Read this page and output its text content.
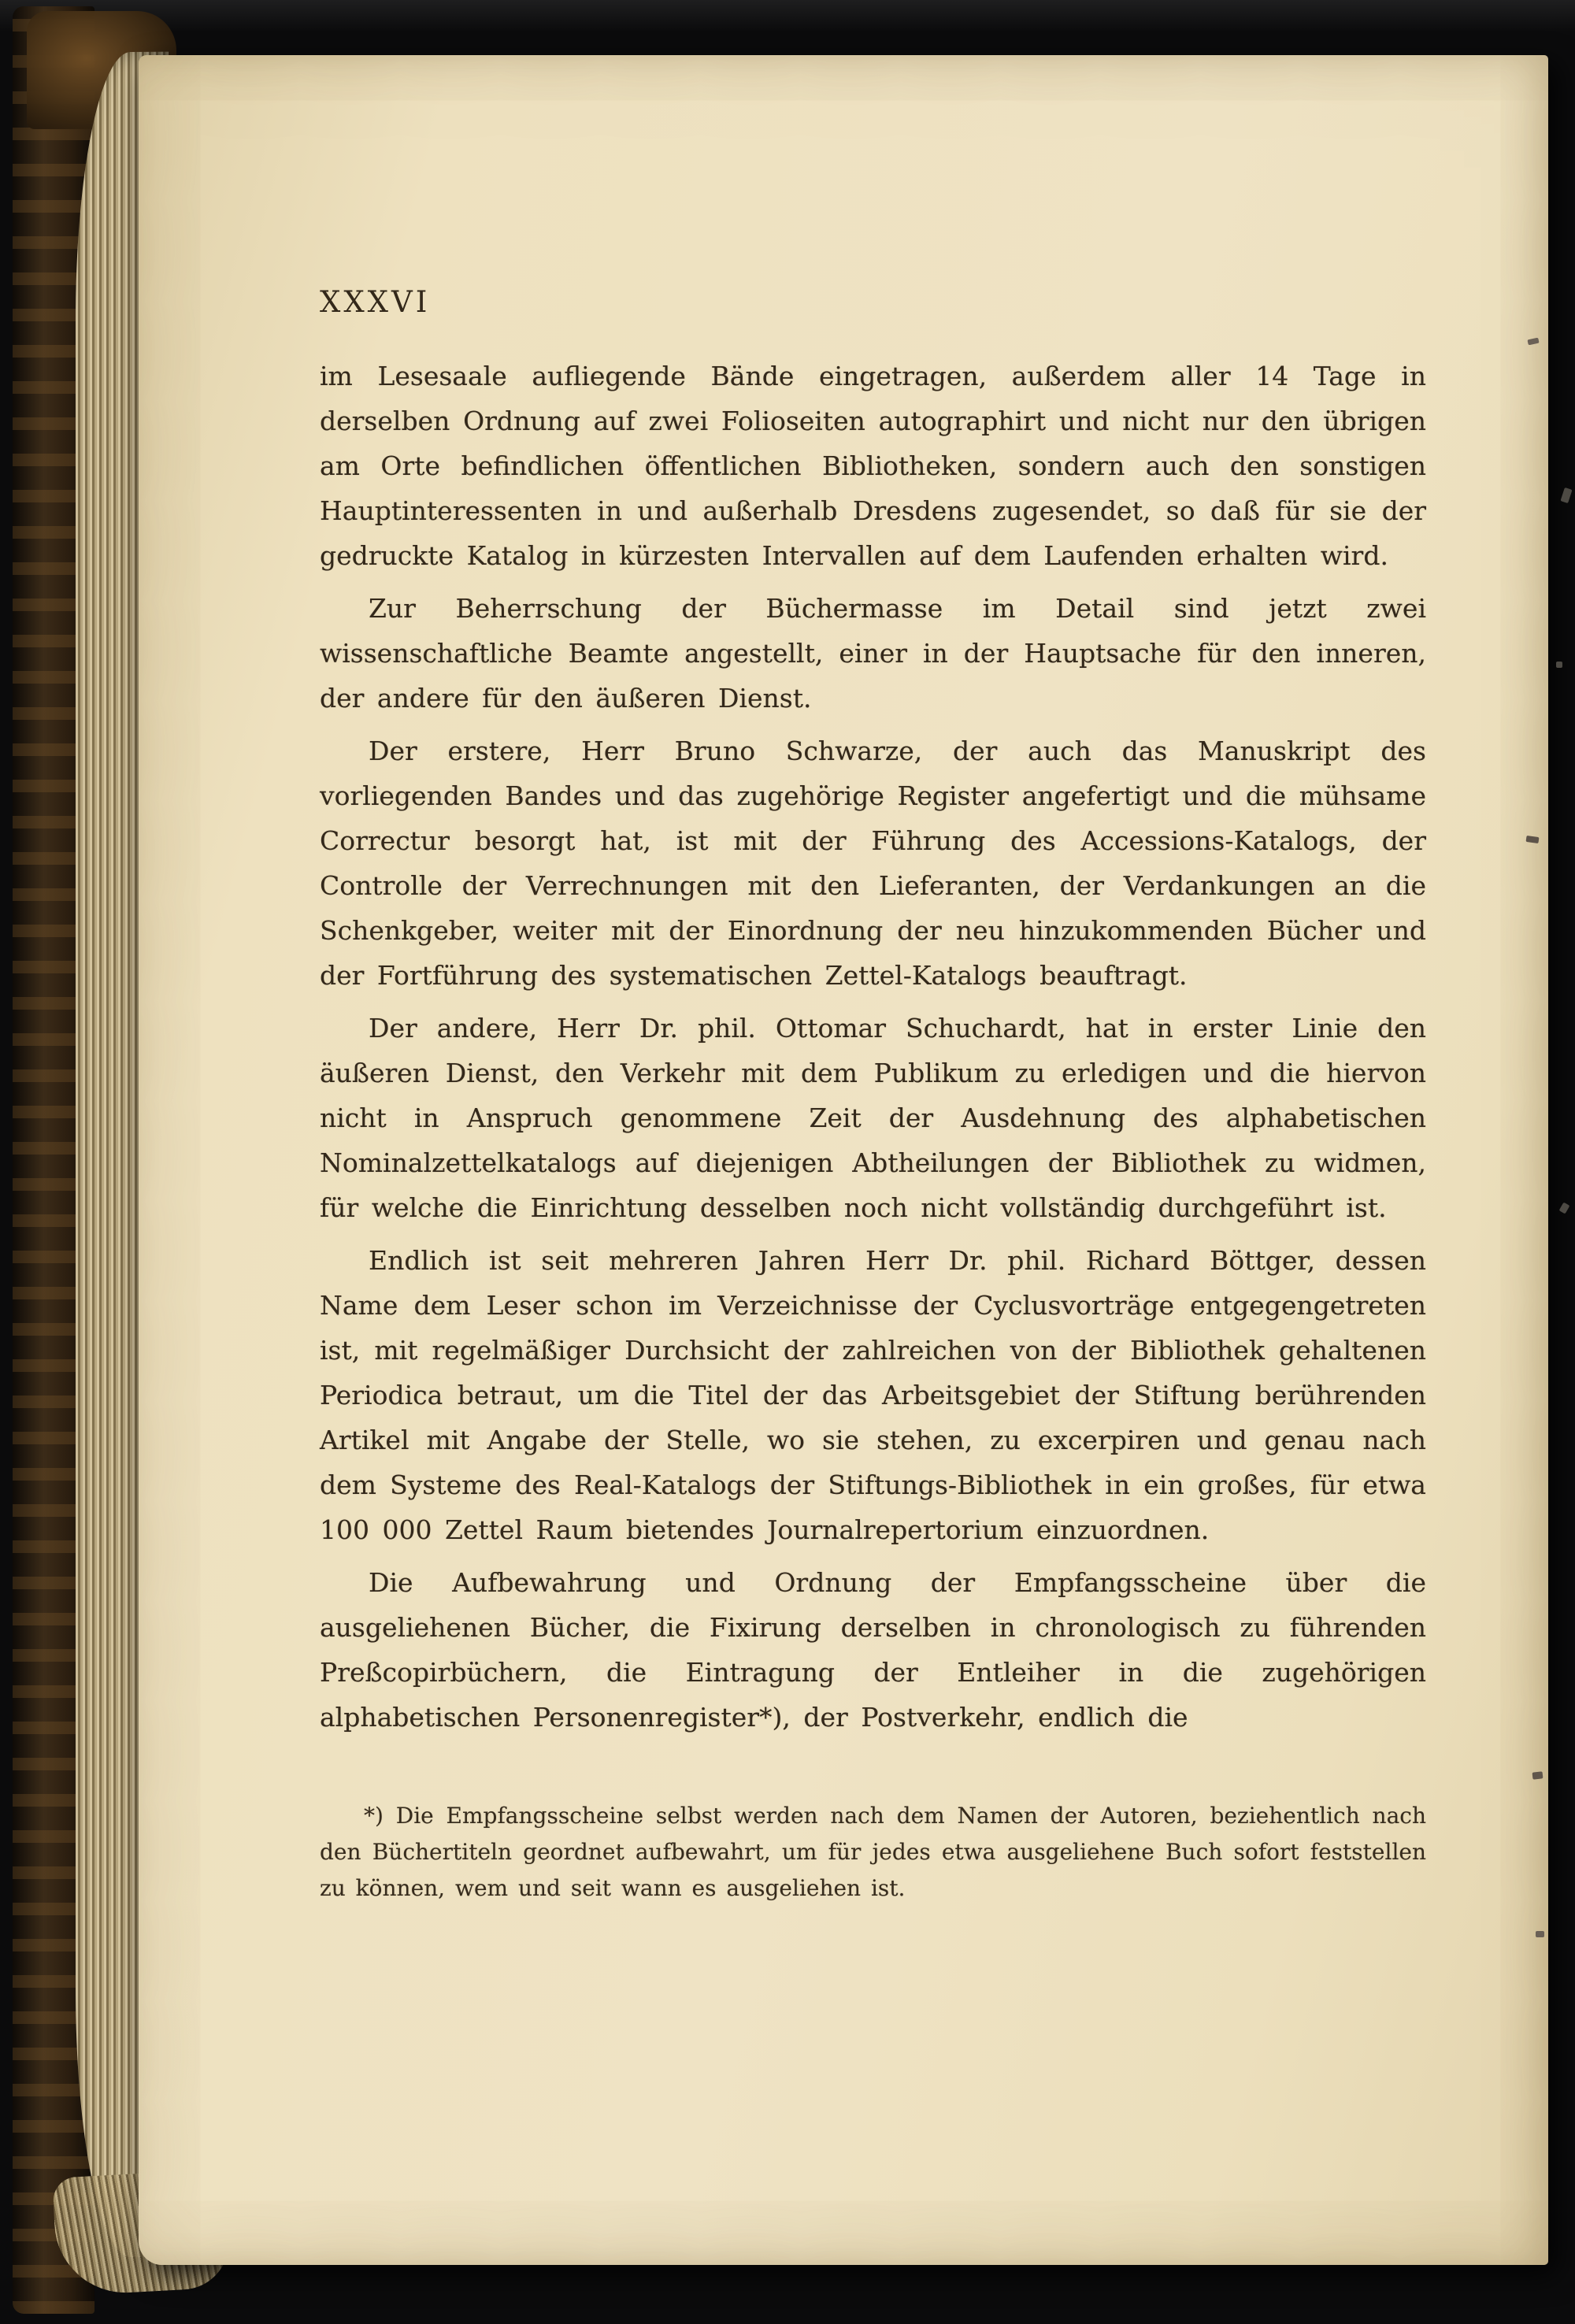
XXXVI

im Lesesaale aufliegende Bände eingetragen, außerdem aller 14 Tage in derselben Ordnung auf zwei Folioseiten autographirt und nicht nur den übrigen am Orte befindlichen öffentlichen Bibliotheken, sondern auch den sonstigen Hauptinteressenten in und außerhalb Dresdens zugesendet, so daß für sie der gedruckte Katalog in kürzesten Intervallen auf dem Laufenden erhalten wird.

Zur Beherrschung der Büchermasse im Detail sind jetzt zwei wissenschaftliche Beamte angestellt, einer in der Hauptsache für den inneren, der andere für den äußeren Dienst.

Der erstere, Herr Bruno Schwarze, der auch das Manuskript des vorliegenden Bandes und das zugehörige Register angefertigt und die mühsame Correctur besorgt hat, ist mit der Führung des Accessions-Katalogs, der Controlle der Verrechnungen mit den Lieferanten, der Verdankungen an die Schenkgeber, weiter mit der Einordnung der neu hinzukommenden Bücher und der Fortführung des systematischen Zettel-Katalogs beauftragt.

Der andere, Herr Dr. phil. Ottomar Schuchardt, hat in erster Linie den äußeren Dienst, den Verkehr mit dem Publikum zu erledigen und die hiervon nicht in Anspruch genommene Zeit der Ausdehnung des alphabetischen Nominalzettelkatalogs auf diejenigen Abtheilungen der Bibliothek zu widmen, für welche die Einrichtung desselben noch nicht vollständig durchgeführt ist.

Endlich ist seit mehreren Jahren Herr Dr. phil. Richard Böttger, dessen Name dem Leser schon im Verzeichnisse der Cyclusvorträge entgegengetreten ist, mit regelmäßiger Durchsicht der zahlreichen von der Bibliothek gehaltenen Periodica betraut, um die Titel der das Arbeitsgebiet der Stiftung berührenden Artikel mit Angabe der Stelle, wo sie stehen, zu excerpiren und genau nach dem Systeme des Real-Katalogs der Stiftungs-Bibliothek in ein großes, für etwa 100 000 Zettel Raum bietendes Journalrepertorium einzuordnen.

Die Aufbewahrung und Ordnung der Empfangsscheine über die ausgeliehenen Bücher, die Fixirung derselben in chronologisch zu führenden Preßcopirbüchern, die Eintragung der Entleiher in die zugehörigen alphabetischen Personenregister*), der Postverkehr, endlich die

*) Die Empfangsscheine selbst werden nach dem Namen der Autoren, beziehentlich nach den Büchertiteln geordnet aufbewahrt, um für jedes etwa ausgeliehene Buch sofort feststellen zu können, wem und seit wann es ausgeliehen ist.
